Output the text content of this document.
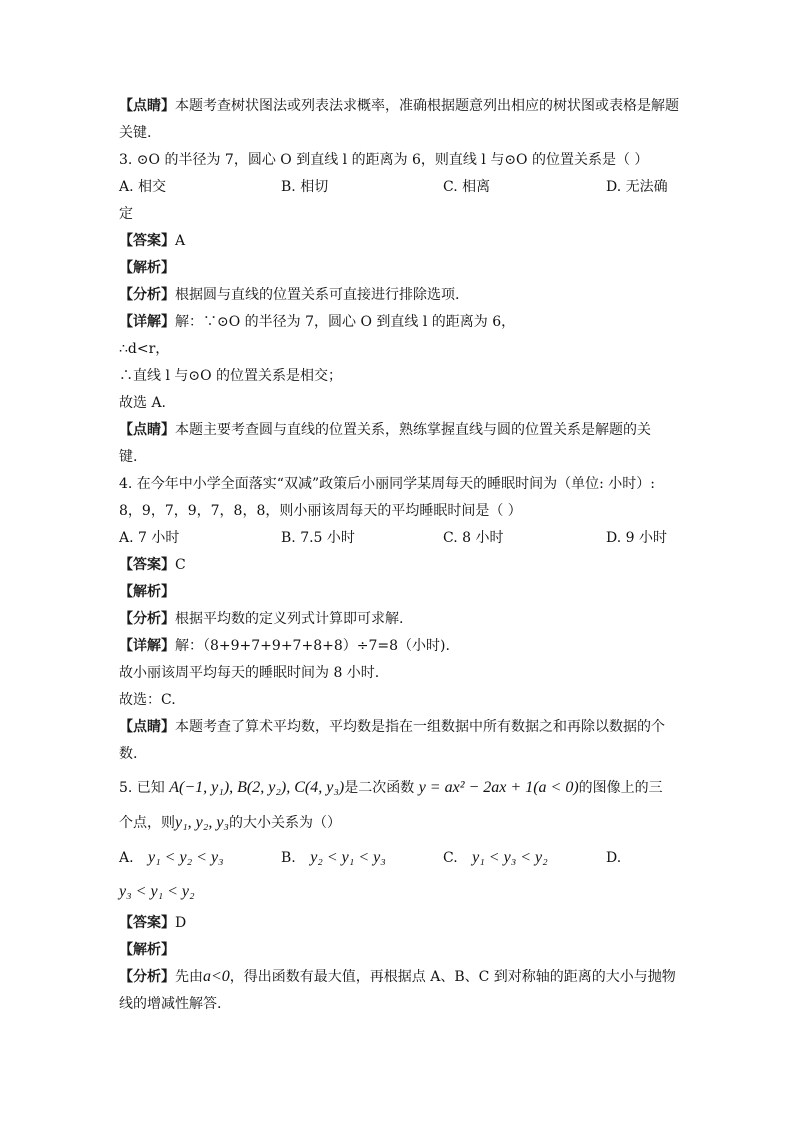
【点睛】本题考查树状图法或列表法求概率，准确根据题意列出相应的树状图或表格是解题
关键.
3. ⊙O 的半径为 7，圆心 O 到直线 l 的距离为 6，则直线 l 与⊙O 的位置关系是（ ）
A. 相交	B. 相切	C. 相离	D. 无法确
定
【答案】A
【解析】
【分析】根据圆与直线的位置关系可直接进行排除选项.
【详解】解：∵⊙O 的半径为 7，圆心 O 到直线 l 的距离为 6，
∴d<r，
∴直线 l 与⊙O 的位置关系是相交；
故选 A.
【点睛】本题主要考查圆与直线的位置关系，熟练掌握直线与圆的位置关系是解题的关
键.
4. 在今年中小学全面落实“双减”政策后小丽同学某周每天的睡眠时间为（单位: 小时）:
8，9，7，9，7，8，8，则小丽该周每天的平均睡眠时间是（ ）
A. 7 小时	B. 7.5 小时	C. 8 小时	D. 9 小时
【答案】C
【解析】
【分析】根据平均数的定义列式计算即可求解.
【详解】解：（8+9+7+9+7+8+8）÷7=8（小时).
故小丽该周平均每天的睡眠时间为 8 小时.
故选：C.
【点睛】本题考查了算术平均数，平均数是指在一组数据中所有数据之和再除以数据的个
数.
5. 已知 A(−1, y₁), B(2, y₂), C(4, y₃)是二次函数 y = ax² − 2ax + 1(a < 0)的图像上的三
个点，则y₁, y₂, y₃的大小关系为（）
A. y₁ < y₂ < y₃	B. y₂ < y₁ < y₃	C. y₁ < y₃ < y₂	D.
y₃ < y₁ < y₂
【答案】D
【解析】
【分析】先由a<0，得出函数有最大值，再根据点 A、B、C 到对称轴的距离的大小与抛物
线的增减性解答.
